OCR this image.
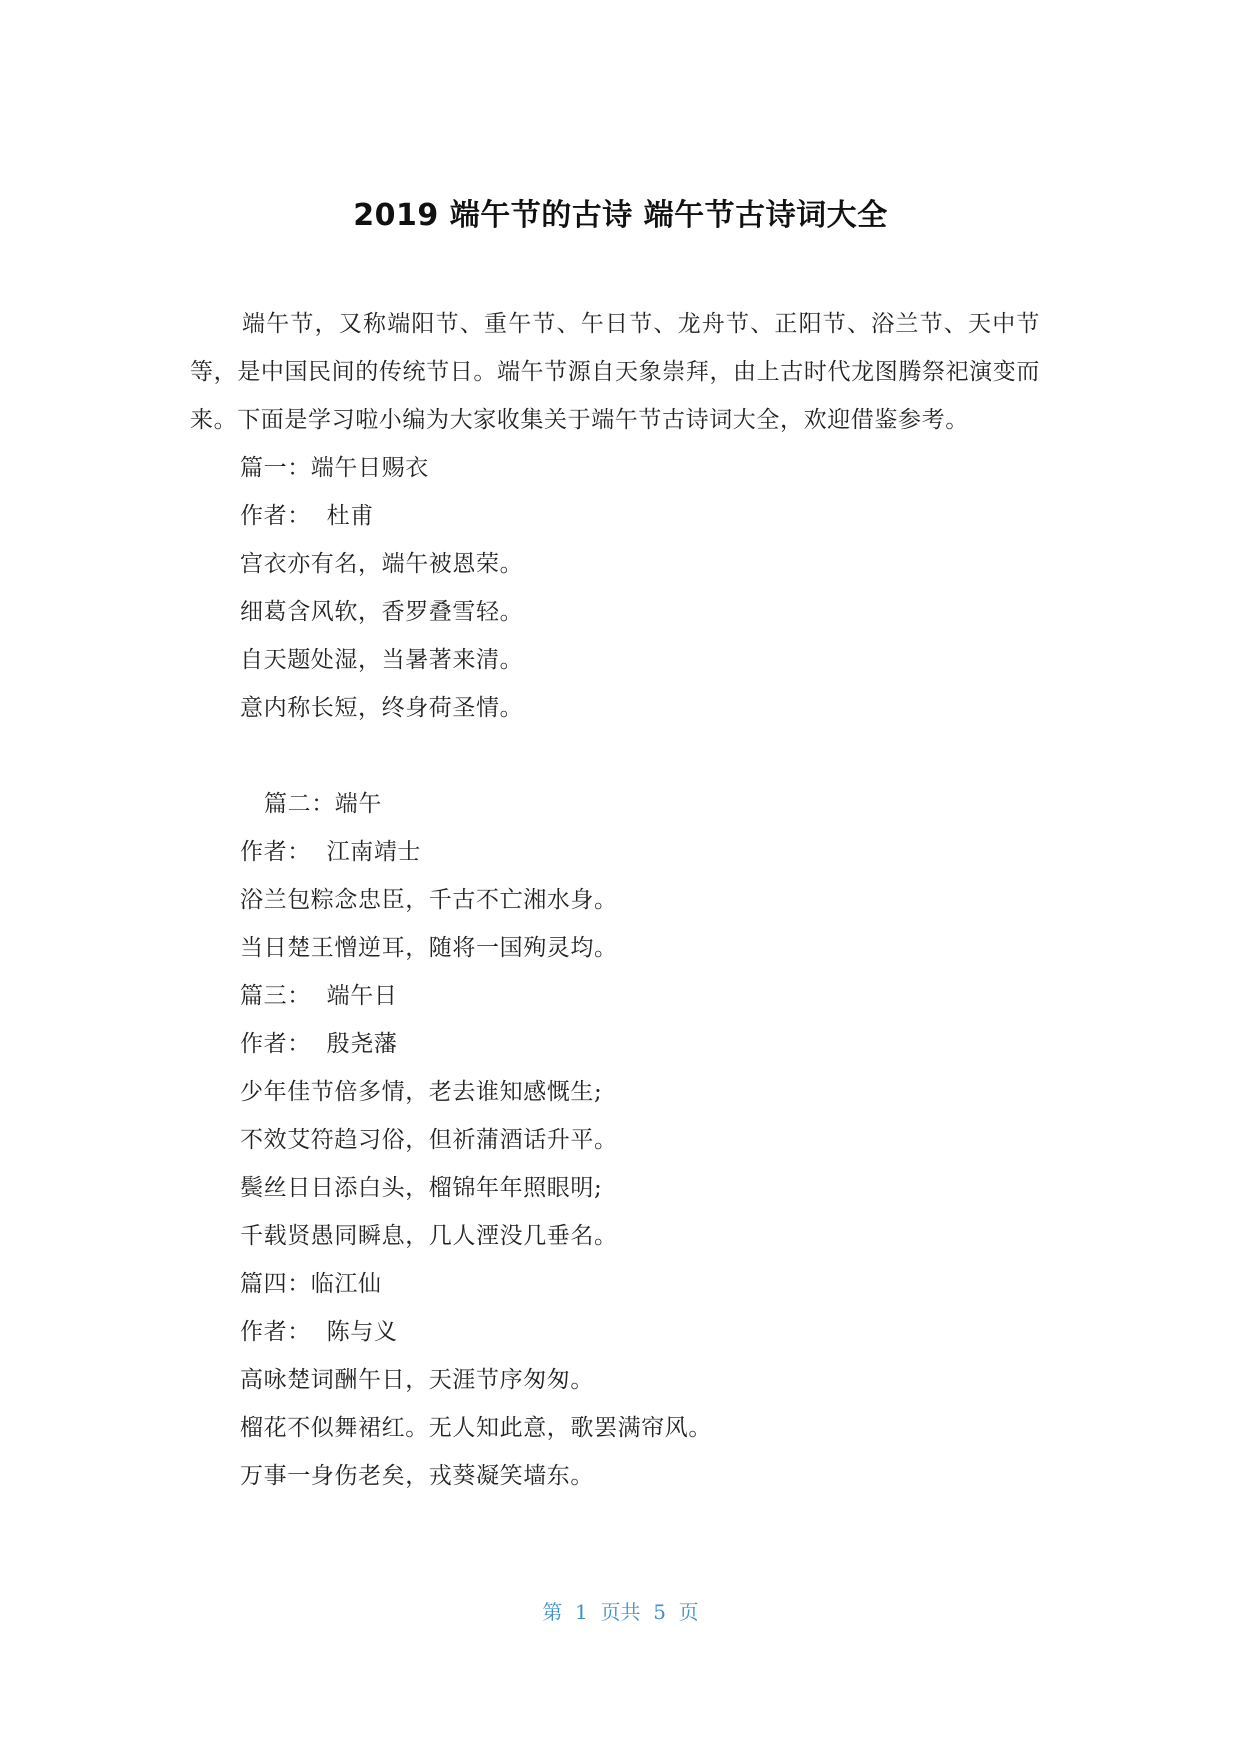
2019 端午节的古诗 端午节古诗词大全

端午节，又称端阳节、重午节、午日节、龙舟节、正阳节、浴兰节、天中节等，是中国民间的传统节日。端午节源自天象崇拜，由上古时代龙图腾祭祀演变而来。下面是学习啦小编为大家收集关于端午节古诗词大全，欢迎借鉴参考。

篇一：端午日赐衣

作者：  杜甫

宫衣亦有名，端午被恩荣。

细葛含风软，香罗叠雪轻。

自天题处湿，当暑著来清。

意内称长短，终身荷圣情。

篇二：端午

作者：  江南靖士

浴兰包粽念忠臣，千古不亡湘水身。

当日楚王憎逆耳，随将一国殉灵均。

篇三：  端午日

作者：  殷尧藩

少年佳节倍多情，老去谁知感慨生;

不效艾符趋习俗，但祈蒲酒话升平。

鬓丝日日添白头，榴锦年年照眼明;

千载贤愚同瞬息，几人湮没几垂名。

篇四：临江仙

作者：  陈与义

高咏楚词酬午日，天涯节序匆匆。

榴花不似舞裙红。无人知此意，歌罢满帘风。

万事一身伤老矣，戎葵凝笑墙东。

第  1  页共  5  页
